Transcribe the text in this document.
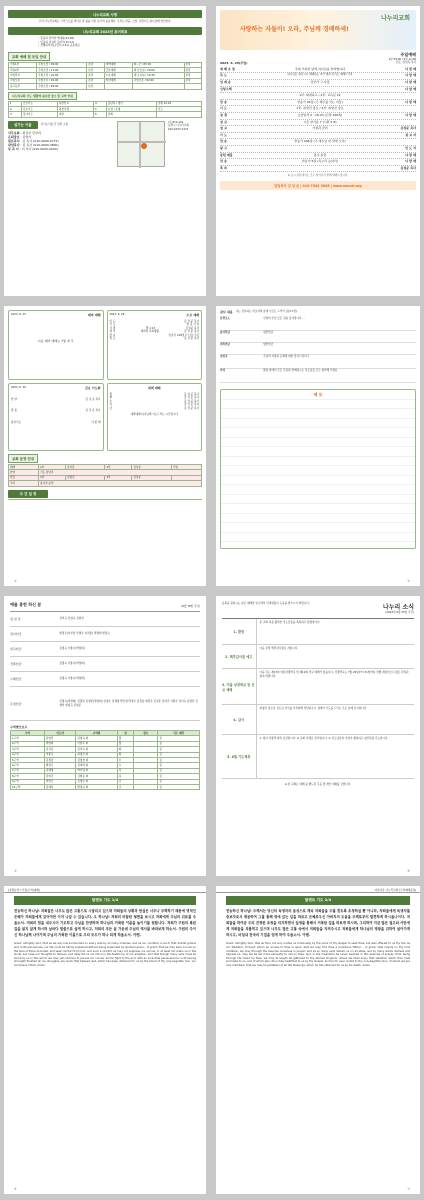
나누리교회 사명
우리 나누리교회는 그리스도를 머리로 한 몸을 이룬 유기적 공동체다. 우리는 믿음, 소망, 사랑으로 하나님께 헌신한다.
나누리교회 2023년 표어목표
• 믿음의 관리자 역대하(31:28)
• 믿음의 섬김자 로마서(12:11)
• 선행되어지는(딤후 2:21) 공동체로
교회 예배 및 모임 안내
주일1부	주일오전 / 09:00	본당	새벽예배	화~금 / 05:30	본당
주일2부	주일오전 / 11:00	본당	금요예배	매 금요일 / 20:00	본당
주일학교	주일오전 / 10:00	본당	수요예배	매 수요일 / 19:30	본당
주일오후	주일오후 / 02:00	본당	청년예배	주일오후 / 02:00	본당
중고등부	주일오전 / 09:00	본당			
나누리교회 기도 생활에 필요한 장소 및 교역 안내
1	금요기도	북한선교	4	총남북 / 청년	집회 12:10
2	목요기도	과천성경	5	요청 / 운영	진도
3	집사기도	대한	6	본회	
섬기는 이들	성기는이들 간 담당 소원
사무보좌 : 편집부 담당자
은퇴장로 : 김영석
원로목사 : 김 목사 (010-9999-0772)
담임목사 : 김 목사 (010-9999-3800)
부 목 사 : 이 목사 (010-0000-0000)
(우)314-101
순천시 나누리교회
010-XXXX-7227
나누리교회
사랑하는 자들이! 오라, 주님께 경배하세!
2023. 6. 25(주일)
주일예배
1부 09:00 / 2부 11:00
인도: 담임목 목사
예 배 초 청	주의 거룩한 날에 하나님을 찬양합니다	다 함 께
목 도	하나님은 영이시니 예배하는 자가 영과 진리로 예배드리라	다 함 께
입 례 송	성부가 그 사랑	다 함 께
신앙고백	다 함 께
1부: 화개하고 / 2부: 교독문 21
찬 송	찬송가 26장 (주 체주를 아는 이들)	다 함 께
기 도	1부: 최영진 장로 / 2부: 최영진 장로
성 경	요한일서 2 : 18-23 (신약 390쪽)	다 함 께
설 교	시온 한가운 7 (시편 5:6)
설 교	가정과 관리	김성준 목사
기 도	설 교 자
찬 송	찬송가 296장 (주 예수님 내 맘에 오사)
광 고	인 도 자
봉헌 예물	감사 봉헌	다 함 께
찬 송	찬송가 6장 (목소리 높여서)	다 함 께
축 복	김성준 목사
※ 표시 부분에서는 모두 일어나서 함께 예배드립니다.
담임목사 김 성 준 | 010-7542-2008 | www.nanuri.org
2023. 6. 25	테마 예배
다음 테마 예배는 7월 첫 주
2023. 6. 28	수요 예배
인 도	김 성 준 목사
기 도	현 길 기 장
성 경	열 1:13	김성준 목사
설 교	재미와 교회생활	김 성 준 목사
찬 송	찬송가 218장 (너 둘) 수집
축 도	김 성 준 목사
2023. 6. 30	금요 기도회
찬 양	김 성 준 목사
말 씀	김 성 준 목사
통성기도	다 함 께
새벽 예배
월	김 성 준 목사
화	김 성 준 목사
수	김 성 준 목사
목	김 성 준 목사
금	김 성 준 목사
새벽예배 하나님께 기도드리는 시간입니다
교회 운영 안내
예배	1부	김성준	2부	김성준	주일
찬양	기도 담당자				
헌금	1부	김영진	2부	김성준	
주차	봉사자 순번				
주 간 일 정
②
감사 내용 나는 감사하는 자소자의 음에 이르는 드리어 (딤2:7장)
봉헌보도	사랑의 주님 모든 것을 감사합니다 ...
감사헌금	일반헌금
건축헌금	일반헌금
십일조	주님의 사랑과 은혜에 대한 감사드립니다
부탁	말씀 앞에서 모든 주님과 함께하시는 성도님들 모두 참석해 주세요
메 모
③
예물 봉헌 하신 분	(6월 18일 주간)
십 일 조	김미숙 김영숙 김영선
감사헌금	변정우(부친상 인명우 여러분) 박경희 변정숙
선교헌금	김영숙 이종수(박정희)
건축헌금	김영숙 이종수(박정희)
구제헌금	김영숙 이종수(박정희)
주정헌금	김영숙(박정희) 김경환 김영민(박정희) 김영수 김혜영 박진영 박정우 김경남 변정우 김성훈 김의진 이종수 김미숙 김영선 김재석 변정숙 김현준
구역별모보고
구역	인도자	구역원	일	장소	기도 제목
1구역	김영진	김영숙 외	월		집
2구역	박정희	이종수 외	월		집
3구역	김성준	김미숙 외	화		집
4구역	이종수	최영진 외	화		집
5구역	김경남	김영선 외	수		집
6구역	변정우	김재석 외	수		집
7구역	김혜영	박진영 외	목		집
8구역	김의진	김현준 외	목		집
9구역	박정우	김영민 외	금		집
10구역	김재석	변정숙 외	금		집
④
등록을 원하시는 분은 예배당 입구에서 안내위원이 도움을 받으시기 바랍니다.
나누리 소식
(2023년 6월 25일 주간)
1. 환영
본 교회 처음 출석한 성도님들을 축복하고 환영합니다.
2. 맥추감사절 예고
다음 주일 맥추감사절로 지킵니다.
3. 여름 성경학교 및 선교 예배
다음 주는 제17회 여름성경학교 및 제12회 선교 예배가 있습니다. 성경학교는 7월 29일부터 31일까지 진행 예정이오니 많은 관심과 참여 바랍니다.
4. 감사
최영진 장로님 성도님 감사를 가족에게 전달하오니 집에서 기도를 드리는 모든 분께 감사합니다.
5. 6월 기도제목
① 청년 성경책 계속 보급합니다. ② 교회 자체로 선교합니다. ③ 성도님들의 가정이 행복하고 평안하길 기도합니다.
※ 본 교회는 예배 중 핸드폰 무음 및 개인 대화를 금합니다.
⑤
[성경요약 / 가정(구역)예배]
탈렌트 기도 1/4
전능하신 하나님! 저희들은 너무도 많은 고통으로 시달리고 있으며 저희들의 상황과 현실은 너무나 무력하기 때문에 영적인 은혜가 저희들에게 있어야만 이겨 나갈 수 있습니다. 오 하나님! 저희의 비참한 형편을 보시고 저희에게 주님의 위로를 주옵소서. 저희의 힘을 내주시어 기도하고 주님을 찬양하며 하나님의 거룩한 이름을 높이기를 원합니다. 저희가 구원의 복된 길을 잃지 않게 하시며 날마다 말씀으로 살게 하시고, 저희의 모든 삶 가운데 주님의 역사를 바라보게 하소서. 구원의 주이신 하나님께 나아가며 주님의 거룩한 이름으로 우리 모두가 하나 되게 하옵소서. 아멘.
Grant, Almighty God, that as we are now surrounded on every side by so many miseries, and as our condition is such, that amidst groans and continual sorrows, our life could be hardly sustained without being supported by spiritual grace, - O grant, that we may learn to look on the face of thine Anointed, and seek comfort from him, and such a comfort as may not suppress our sorrow, or at least not retain us in the world, but raise our thoughts to heaven, and daily tell us our life is in the testimony of our adoption, and that though many evils must be borne by us in this world, we may yet continue to pursue our course, and to fight to the end, with an invincible perseverance, until having at length finished all our struggles, we reach that blessed rest, which has been obtained for us by the blood of thy only-begotten Son, our Lord Jesus Christ. Amen.
⑥
아름다운 나누리교회 [구역예배공과]
탈렌트 기도 2/4
전능하신 하나님! 주께서는 당신의 독생자의 음성으로 계속 저희들을 주를 찾도록 초청하실 뿐 아니라, 저희들에게 독생자를 중보자로서 제공하여 그를 통해 영에 있는 길을 따르고 은혜로우신 아버지의 도움을 주께로부터 발견하게 하시옵나이다. 저희들을 하여금 우리 진정한 초청을 의지하면서 일생을 통해서 거룩한 길을 따르게 하시며, 그리하여 지금 많은 질고와 사탄에게 저희들을 괴롭히고 있으며 너무도 많은 고통 속에서 저희들을 지켜주시고 저희들에게 하나님의 영광을 위하여 살아가게 하시고, 마침내 천국의 기업을 얻게 하여 주옵소서. 아멘.
Grant, Almighty God, that as thou not only invites us continually by the voice of thy Gospel to seek thee, but also offerest to us thy Son as our Mediator, through whom an access to thee is open, that we may find thee a propitious Father, - O grant, that relying on thy kind invitation, we may through the exercise ourselves in prayer; and as so many evils disturb us on all sides, and so many wants distress and oppress us, may we be led more earnestly to call on thee, and, in the meantime be never wearied in this exercise of prayer; that, being through life heard by thee, we may at length be gathered to thy eternal kingdom, where we shall enjoy that salvation which thou hast promised to us, and of which also, thou daily testifiest to us by thy Gospel, and be for ever united to thy only-begotten Son, of whom we are now members; that we may be partakers of all the blessings, which he has obtained for us by his death. Amen.
⑦
